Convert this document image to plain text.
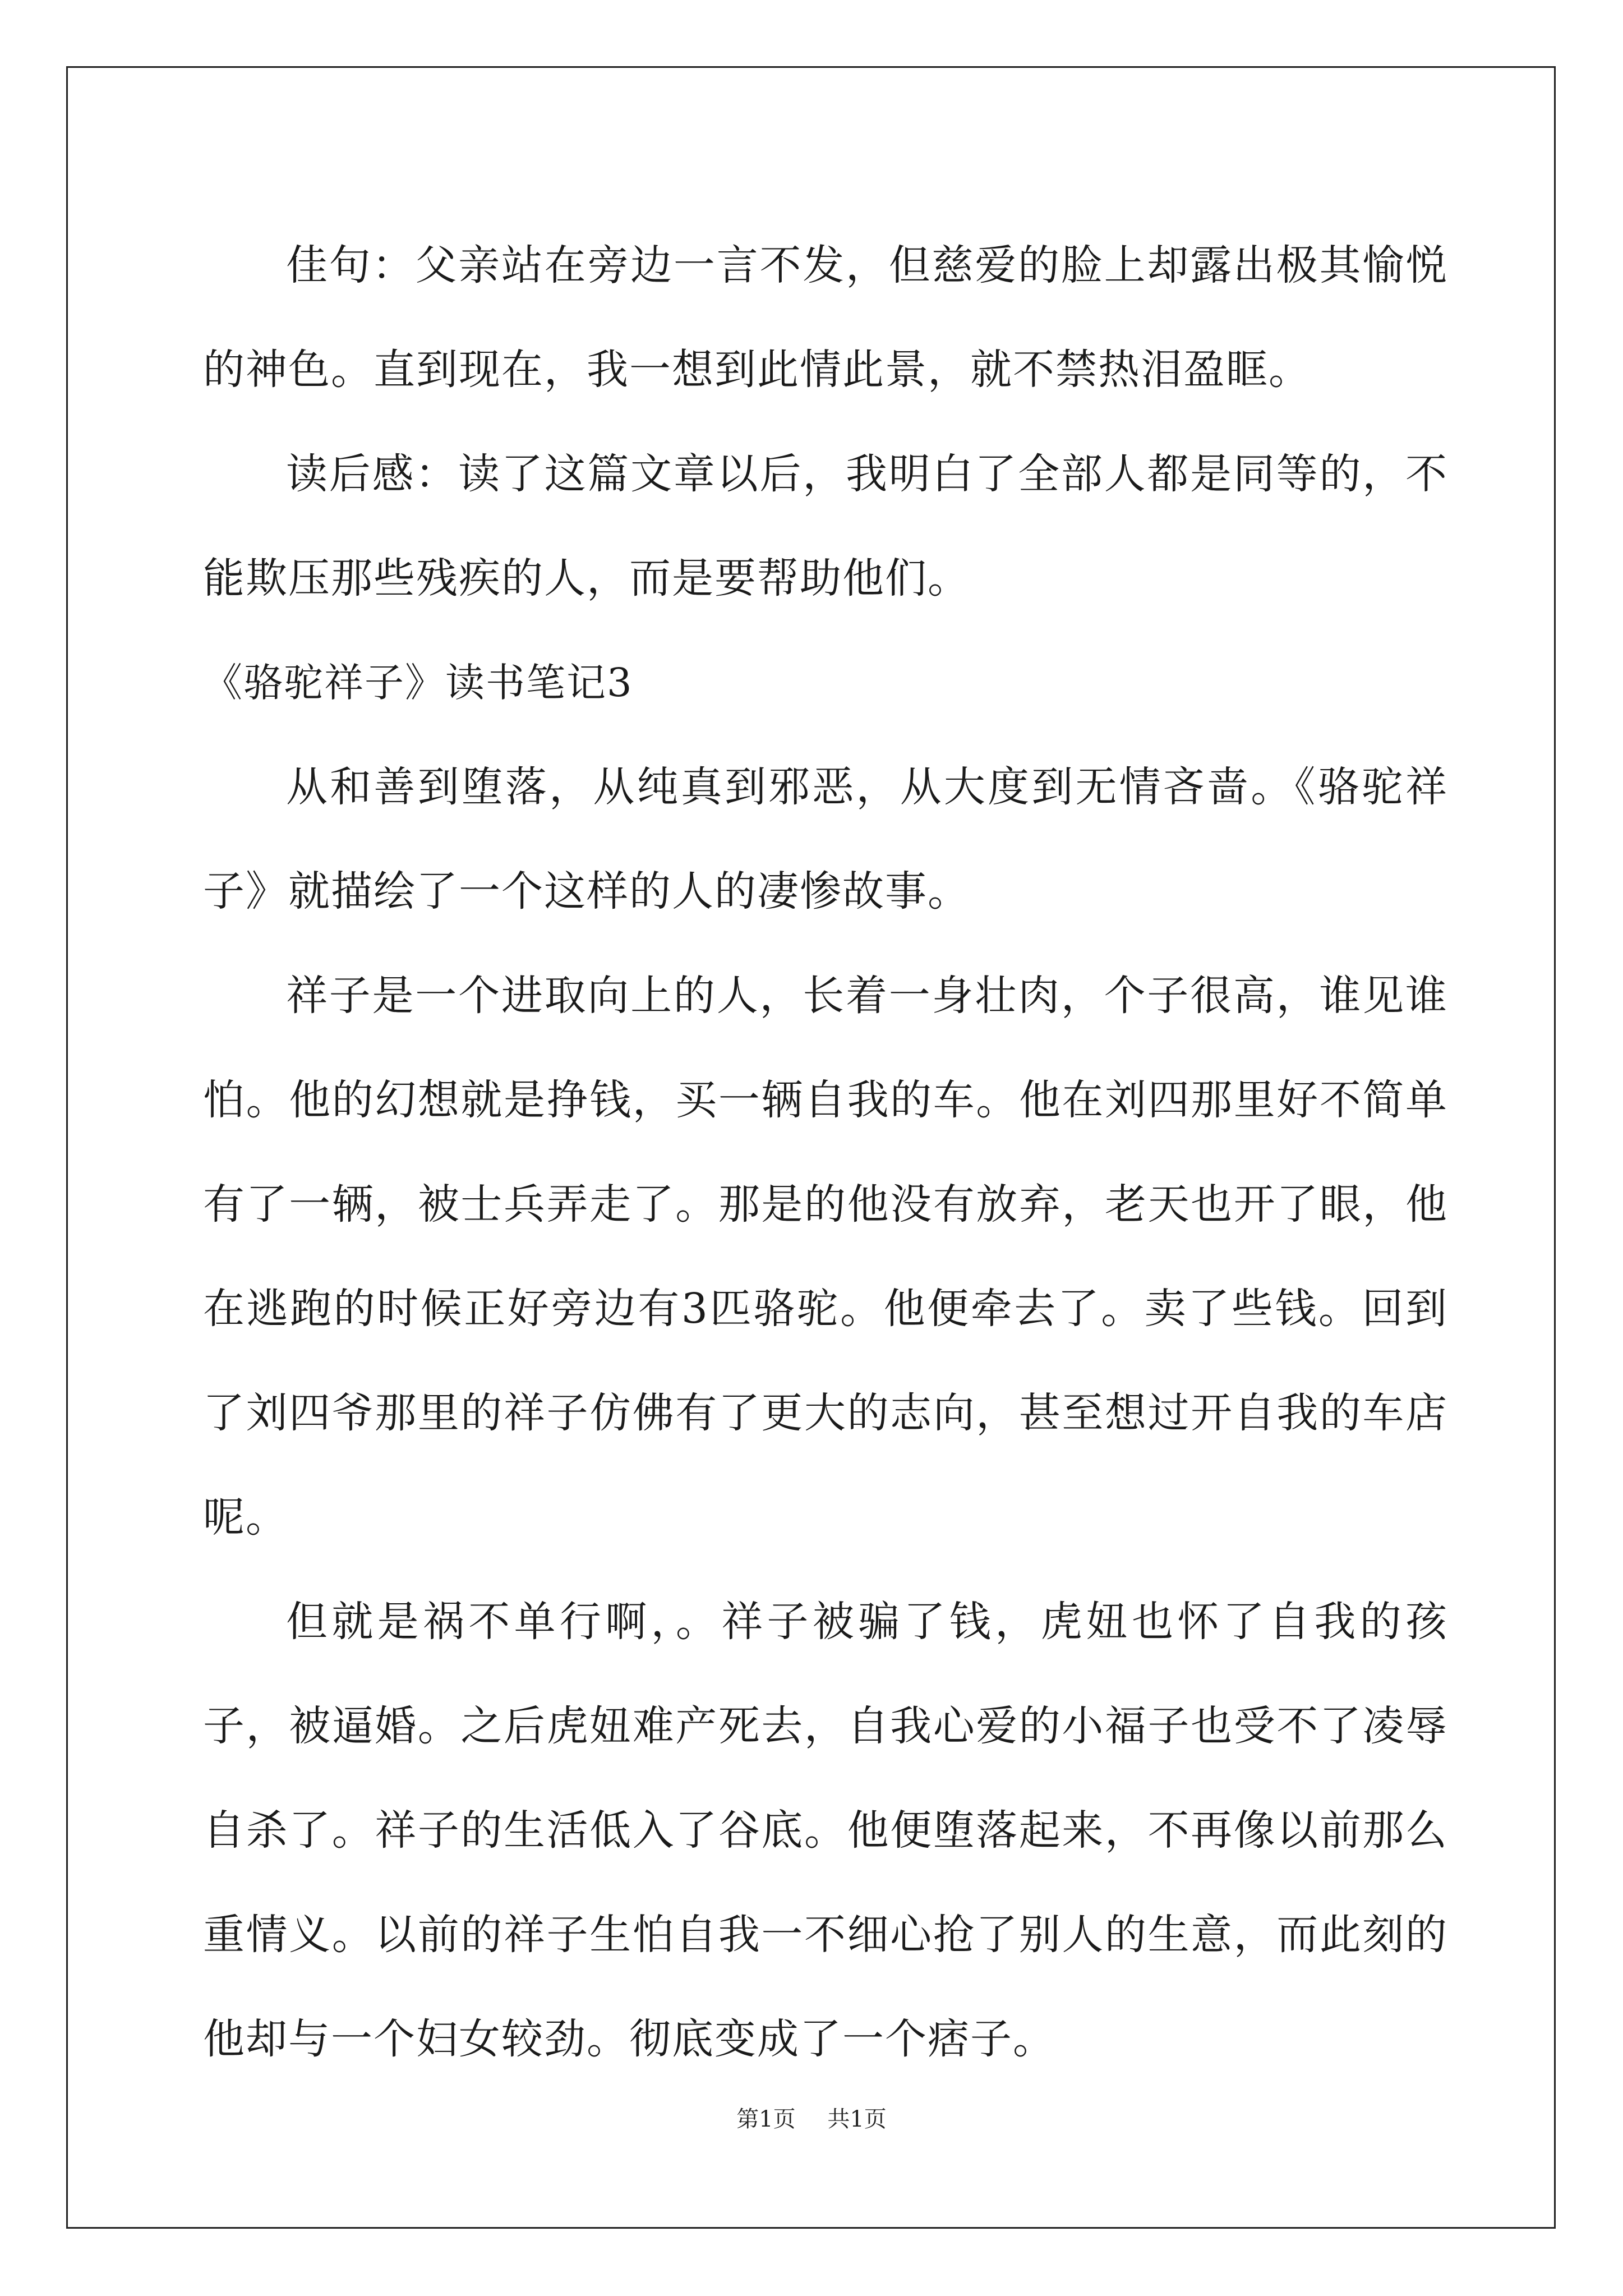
佳句：父亲站在旁边一言不发，但慈爱的脸上却露出极其愉悦的神色。直到现在，我一想到此情此景，就不禁热泪盈眶。

读后感：读了这篇文章以后，我明白了全部人都是同等的，不能欺压那些残疾的人，而是要帮助他们。

《骆驼祥子》读书笔记3

从和善到堕落，从纯真到邪恶，从大度到无情吝啬。《骆驼祥子》就描绘了一个这样的人的凄惨故事。

祥子是一个进取向上的人，长着一身壮肉，个子很高，谁见谁怕。他的幻想就是挣钱，买一辆自我的车。他在刘四那里好不简单有了一辆，被士兵弄走了。那是的他没有放弃，老天也开了眼，他在逃跑的时候正好旁边有3匹骆驼。他便牵去了。卖了些钱。回到了刘四爷那里的祥子仿佛有了更大的志向，甚至想过开自我的车店呢。

但就是祸不单行啊，。祥子被骗了钱，虎妞也怀了自我的孩子，被逼婚。之后虎妞难产死去，自我心爱的小福子也受不了凌辱自杀了。祥子的生活低入了谷底。他便堕落起来，不再像以前那么重情义。以前的祥子生怕自我一不细心抢了别人的生意，而此刻的他却与一个妇女较劲。彻底变成了一个痞子。

第1页 共1页
